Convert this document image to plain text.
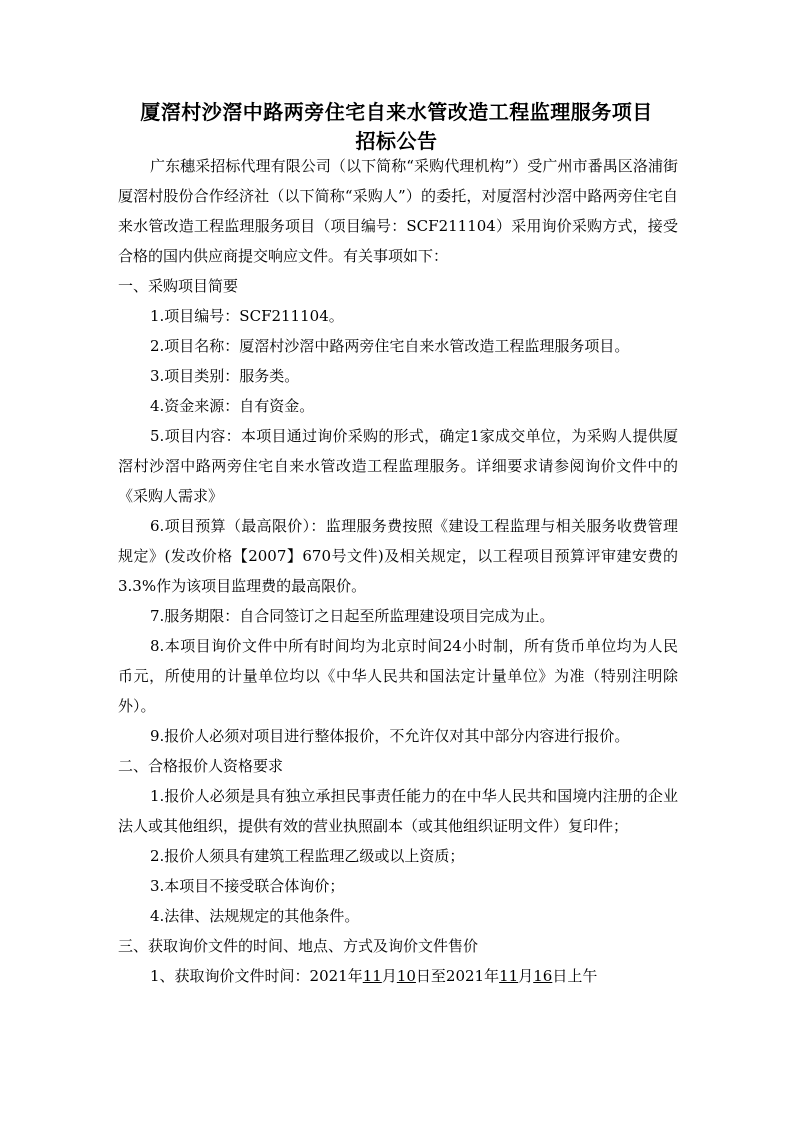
厦滘村沙滘中路两旁住宅自来水管改造工程监理服务项目
招标公告

广东穗采招标代理有限公司（以下简称“采购代理机构”）受广州市番禺区洛浦街厦滘村股份合作经济社（以下简称“采购人”）的委托，对厦滘村沙滘中路两旁住宅自来水管改造工程监理服务项目（项目编号：SCF211104）采用询价采购方式，接受合格的国内供应商提交响应文件。有关事项如下：

一、采购项目简要

1.项目编号：SCF211104。

2.项目名称：厦滘村沙滘中路两旁住宅自来水管改造工程监理服务项目。

3.项目类别：服务类。

4.资金来源：自有资金。

5.项目内容：本项目通过询价采购的形式，确定1家成交单位，为采购人提供厦滘村沙滘中路两旁住宅自来水管改造工程监理服务。详细要求请参阅询价文件中的《采购人需求》

6.项目预算（最高限价）：监理服务费按照《建设工程监理与相关服务收费管理规定》(发改价格【2007】670号文件)及相关规定，以工程项目预算评审建安费的3.3%作为该项目监理费的最高限价。

7.服务期限：自合同签订之日起至所监理建设项目完成为止。

8.本项目询价文件中所有时间均为北京时间24小时制，所有货币单位均为人民币元，所使用的计量单位均以《中华人民共和国法定计量单位》为准（特别注明除外）。

9.报价人必须对项目进行整体报价，不允许仅对其中部分内容进行报价。

二、合格报价人资格要求

1.报价人必须是具有独立承担民事责任能力的在中华人民共和国境内注册的企业法人或其他组织，提供有效的营业执照副本（或其他组织证明文件）复印件；

2.报价人须具有建筑工程监理乙级或以上资质；

3.本项目不接受联合体询价；

4.法律、法规规定的其他条件。

三、获取询价文件的时间、地点、方式及询价文件售价

1、获取询价文件时间：2021年11月10日至2021年11月16日上午
